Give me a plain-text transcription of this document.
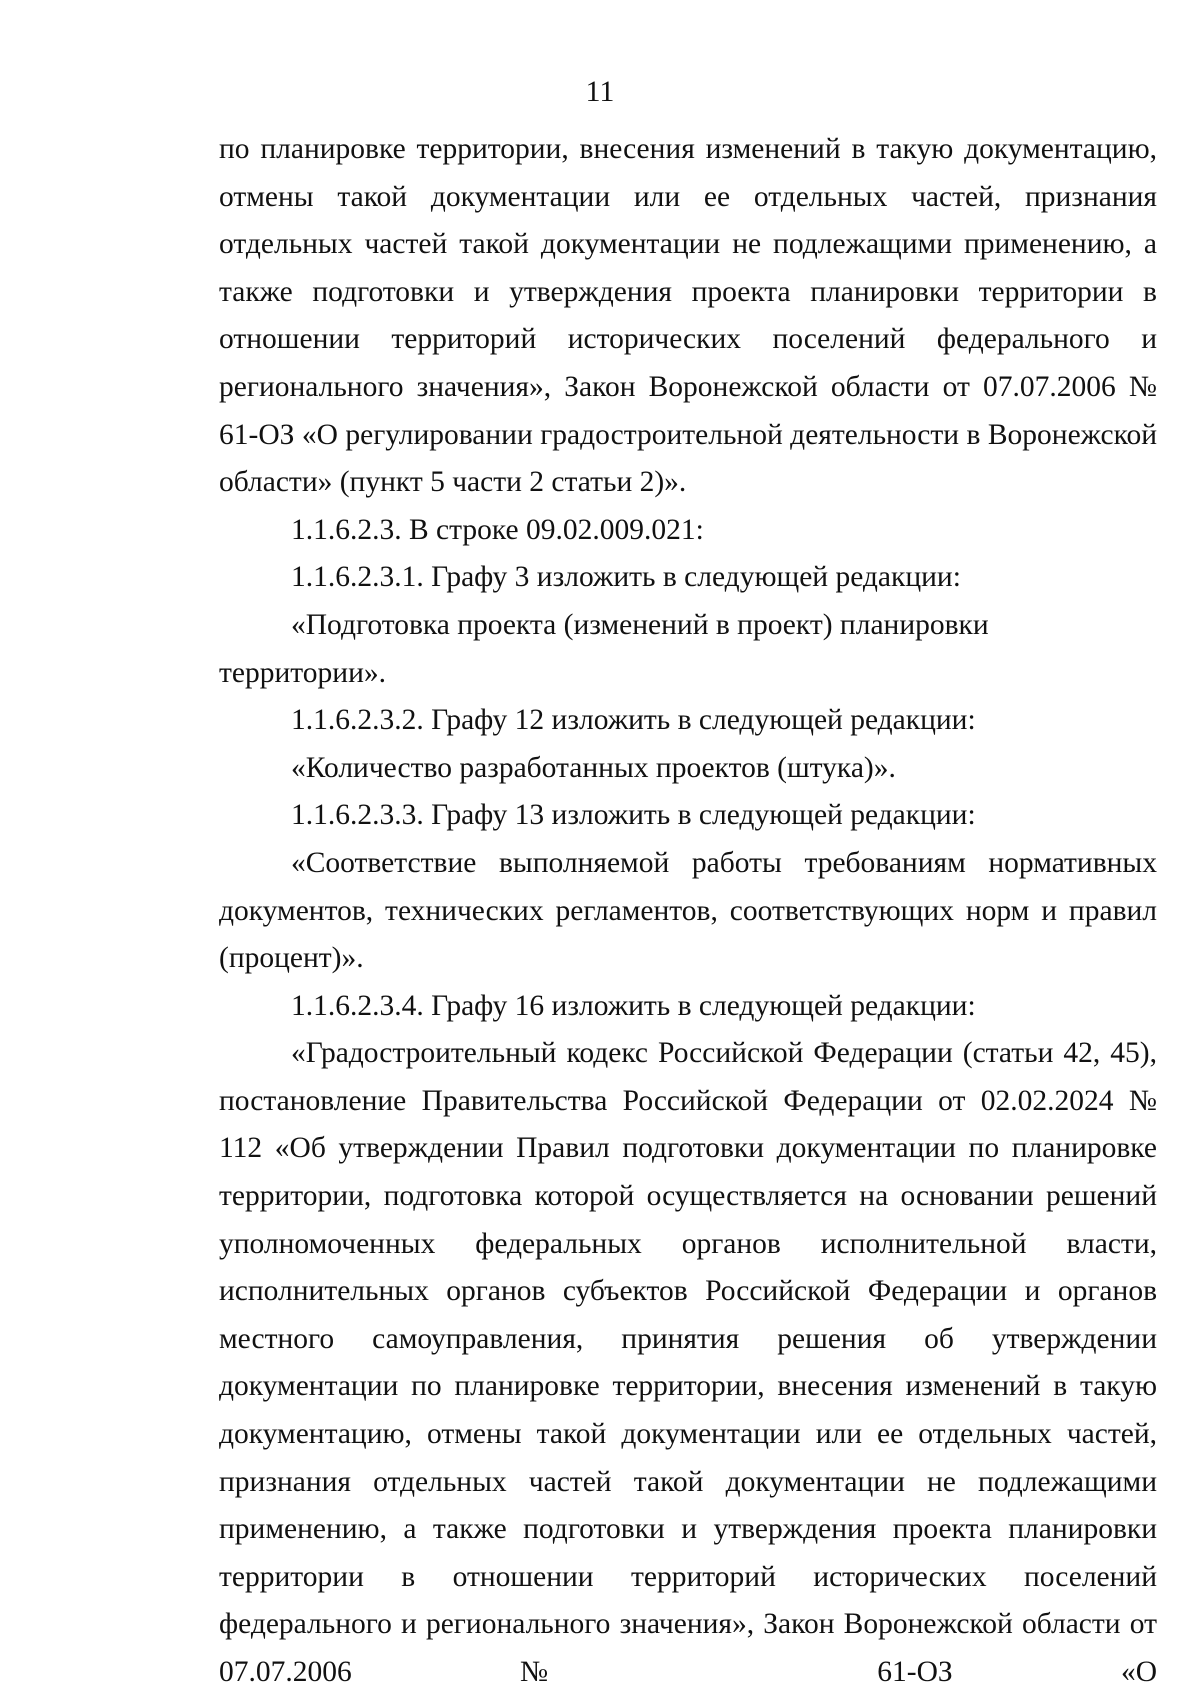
11

по планировке территории, внесения изменений в такую документацию, отмены такой документации или ее отдельных частей, признания отдельных частей такой документации не подлежащими применению, а также подготовки и утверждения проекта планировки территории в отношении территорий исторических поселений федерального и регионального значения», Закон Воронежской области от 07.07.2006 № 61-ОЗ «О регулировании градостроительной деятельности в Воронежской области» (пункт 5 части 2 статьи 2)».

1.1.6.2.3. В строке 09.02.009.021:

1.1.6.2.3.1. Графу 3 изложить в следующей редакции:

«Подготовка проекта (изменений в проект) планировки территории».

1.1.6.2.3.2. Графу 12 изложить в следующей редакции:

«Количество разработанных проектов (штука)».

1.1.6.2.3.3. Графу 13 изложить в следующей редакции:

«Соответствие выполняемой работы требованиям нормативных документов, технических регламентов, соответствующих норм и правил (процент)».

1.1.6.2.3.4. Графу 16 изложить в следующей редакции:

«Градостроительный кодекс Российской Федерации (статьи 42, 45), постановление Правительства Российской Федерации от 02.02.2024 № 112 «Об утверждении Правил подготовки документации по планировке территории, подготовка которой осуществляется на основании решений уполномоченных федеральных органов исполнительной власти, исполнительных органов субъектов Российской Федерации и органов местного самоуправления, принятия решения об утверждении документации по планировке территории, внесения изменений в такую документацию, отмены такой документации или ее отдельных частей, признания отдельных частей такой документации не подлежащими применению, а также подготовки и утверждения проекта планировки территории в отношении территорий исторических поселений федерального и регионального значения», Закон Воронежской области от 07.07.2006 № 61-ОЗ «О
